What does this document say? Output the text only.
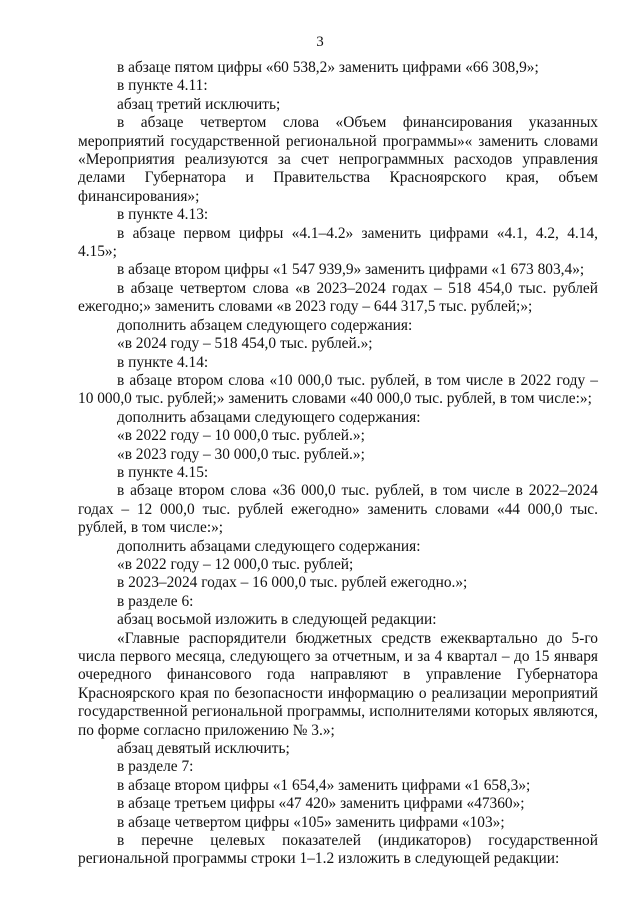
3

в абзаце пятом цифры «60 538,2» заменить цифрами «66 308,9»;

в пункте 4.11:

абзац третий исключить;

в абзаце четвертом слова «Объем финансирования указанных мероприятий государственной региональной программы»« заменить словами «Мероприятия реализуются за счет непрограммных расходов управления делами Губернатора и Правительства Красноярского края, объем финансирования»;

в пункте 4.13:

в абзаце первом цифры «4.1–4.2» заменить цифрами «4.1, 4.2, 4.14, 4.15»;

в абзаце втором цифры «1 547 939,9» заменить цифрами «1 673 803,4»;

в абзаце четвертом слова «в 2023–2024 годах – 518 454,0 тыс. рублей ежегодно;» заменить словами «в 2023 году – 644 317,5 тыс. рублей;»;

дополнить абзацем следующего содержания:

«в 2024 году – 518 454,0 тыс. рублей.»;

в пункте 4.14:

в абзаце втором слова «10 000,0 тыс. рублей, в том числе в 2022 году – 10 000,0 тыс. рублей;» заменить словами «40 000,0 тыс. рублей, в том числе:»;

дополнить абзацами следующего содержания:

«в 2022 году – 10 000,0 тыс. рублей.»;

«в 2023 году – 30 000,0 тыс. рублей.»;

в пункте 4.15:

в абзаце втором слова «36 000,0 тыс. рублей, в том числе в 2022–2024 годах – 12 000,0 тыс. рублей ежегодно» заменить словами «44 000,0 тыс. рублей, в том числе:»;

дополнить абзацами следующего содержания:

«в 2022 году – 12 000,0 тыс. рублей;

в 2023–2024 годах – 16 000,0 тыс. рублей ежегодно.»;

в разделе 6:

абзац восьмой изложить в следующей редакции:

«Главные распорядители бюджетных средств ежеквартально до 5-го числа первого месяца, следующего за отчетным, и за 4 квартал – до 15 января очередного финансового года направляют в управление Губернатора Красноярского края по безопасности информацию о реализации мероприятий государственной региональной программы, исполнителями которых являются, по форме согласно приложению № 3.»;

абзац девятый исключить;

в разделе 7:

в абзаце втором цифры «1 654,4» заменить цифрами «1 658,3»;

в абзаце третьем цифры «47 420» заменить цифрами «47360»;

в абзаце четвертом цифры «105» заменить цифрами «103»;

в перечне целевых показателей (индикаторов) государственной региональной программы строки 1–1.2 изложить в следующей редакции:
